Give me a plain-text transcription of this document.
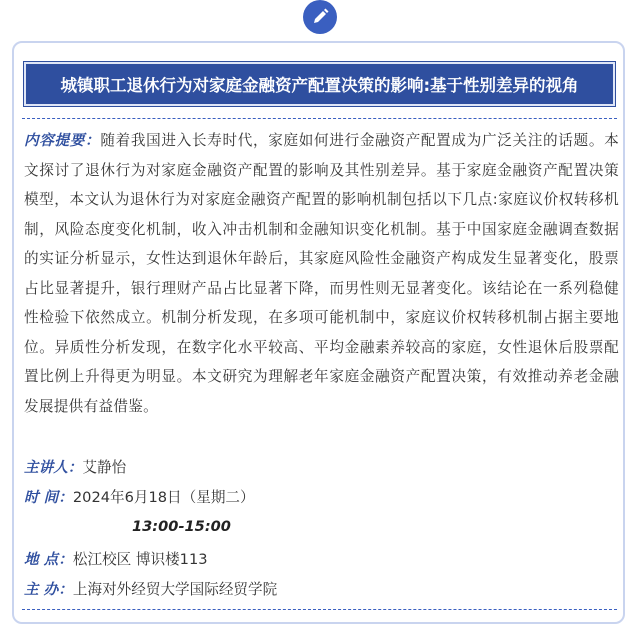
城镇职工退休行为对家庭金融资产配置决策的影响:基于性别差异的视角
内容提要：随着我国进入长寿时代，家庭如何进行金融资产配置成为广泛关注的话题。本文探讨了退休行为对家庭金融资产配置的影响及其性别差异。基于家庭金融资产配置决策模型，本文认为退休行为对家庭金融资产配置的影响机制包括以下几点:家庭议价权转移机制，风险态度变化机制，收入冲击机制和金融知识变化机制。基于中国家庭金融调查数据的实证分析显示，女性达到退休年龄后，其家庭风险性金融资产构成发生显著变化，股票占比显著提升，银行理财产品占比显著下降，而男性则无显著变化。该结论在一系列稳健性检验下依然成立。机制分析发现，在多项可能机制中，家庭议价权转移机制占据主要地位。异质性分析发现，在数字化水平较高、平均金融素养较高的家庭，女性退休后股票配置比例上升得更为明显。本文研究为理解老年家庭金融资产配置决策，有效推动养老金融发展提供有益借鉴。
主讲人：艾静怡
时 间：2024年6月18日（星期二）
13:00-15:00
地 点：松江校区 博识楼113
主 办：上海对外经贸大学国际经贸学院
